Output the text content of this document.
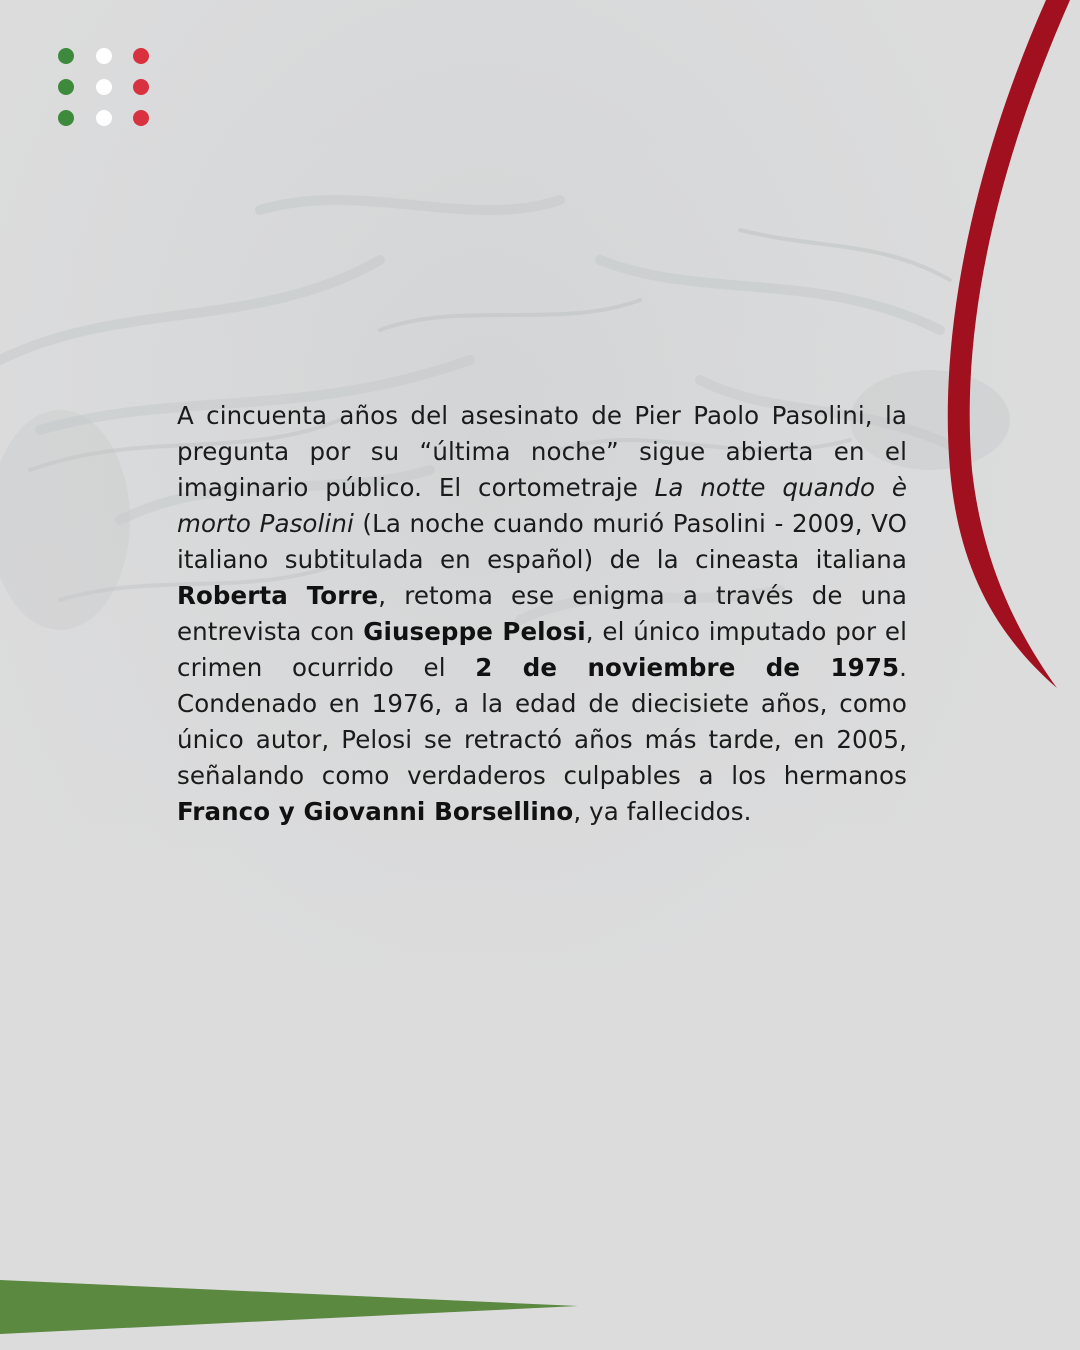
A cincuenta años del asesinato de Pier Paolo Pasolini, la pregunta por su “última noche” sigue abierta en el imaginario público. El cortometraje La notte quando è morto Pasolini (La noche cuando murió Pasolini - 2009, VO italiano subtitulada en español) de la cineasta italiana Roberta Torre, retoma ese enigma a través de una entrevista con Giuseppe Pelosi, el único imputado por el crimen ocurrido el 2 de noviembre de 1975.     Condenado en 1976, a la edad de diecisiete años, como único autor, Pelosi se retractó años más tarde, en 2005, señalando como verdaderos culpables a los hermanos Franco y Giovanni Borsellino, ya fallecidos.
